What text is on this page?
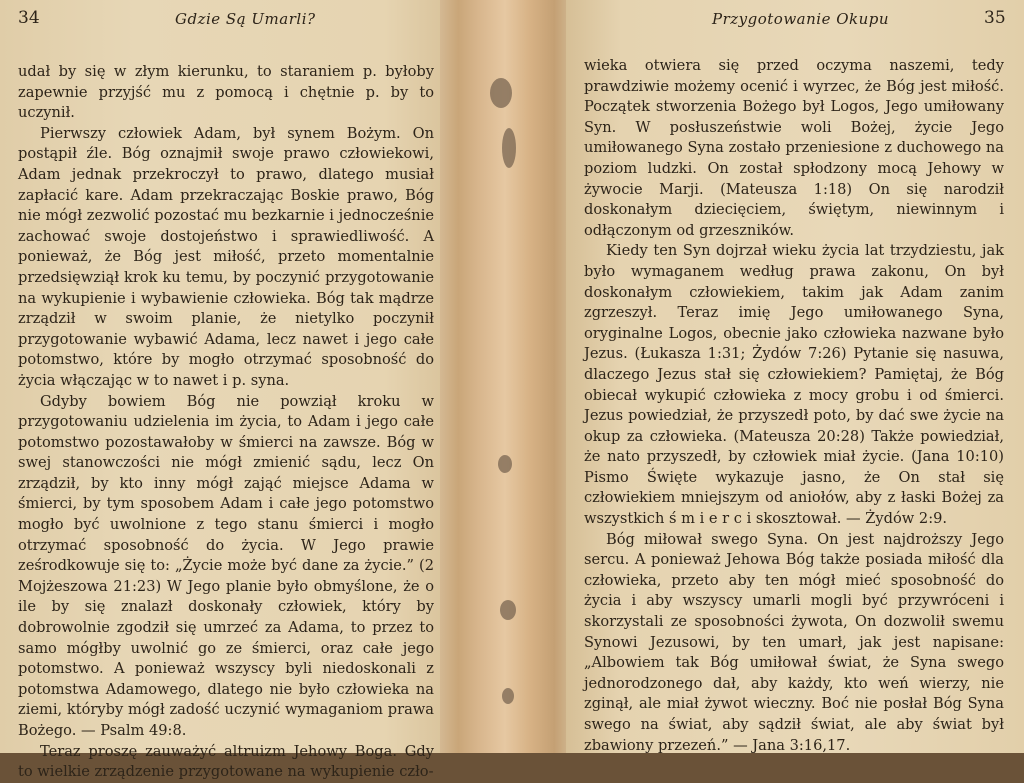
34	Gdzie Są Umarli?

udał by się w złym kierunku, to staraniem p. byłoby zapewnie przyjść mu z pomocą i chętnie p. by to uczynił.

Pierwszy człowiek Adam, był synem Bożym. On postąpił źle. Bóg oznajmił swoje prawo człowiekowi, Adam jednak przekroczył to prawo, dlatego musiał zapłacić kare. Adam przekraczając Boskie prawo, Bóg nie mógł zezwolić pozostać mu bezkarnie i jednocześnie zachować swoje dostojeństwo i sprawiedliwość. A ponieważ, że Bóg jest miłość, przeto momentalnie przedsięwziął krok ku temu, by poczynić przygotowanie na wykupienie i wybawienie człowieka. Bóg tak mądrze zrządził w swoim planie, że nietylko poczynił przygotowanie wybawić Adama, lecz nawet i jego całe potomstwo, które by mogło otrzymać sposobność do życia włączając w to nawet i p. syna.

Gdyby bowiem Bóg nie powziął kroku w przygotowaniu udzielenia im życia, to Adam i jego całe potomstwo pozostawałoby w śmierci na zawsze. Bóg w swej stanowczości nie mógł zmienić sądu, lecz On zrządził, by kto inny mógł zająć miejsce Adama w śmierci, by tym sposobem Adam i całe jego potomstwo mogło być uwolnione z tego stanu śmierci i mogło otrzymać sposobność do życia. W Jego prawie ześrodkowuje się to: „Życie może być dane za życie.” (2 Mojżeszowa 21:23) W Jego planie było obmyślone, że o ile by się znalazł doskonały człowiek, który by dobrowolnie zgodził się umrzeć za Adama, to przez to samo mógłby uwolnić go ze śmierci, oraz całe jego potomstwo. A ponieważ wszyscy byli niedoskonali z potomstwa Adamowego, dlatego nie było człowieka na ziemi, któryby mógł zadość uczynić wymaganiom prawa Bożego. — Psalm 49:8.

Teraz proszę zauważyć altruizm Jehowy Boga. Gdy to wielkie zrządzenie przygotowane na wykupienie czło-

Przygotowanie Okupu	35

wieka otwiera się przed oczyma naszemi, tedy prawdziwie możemy ocenić i wyrzec, że Bóg jest miłość. Początek stworzenia Bożego był Logos, Jego umiłowany Syn. W posłuszeństwie woli Bożej, życie Jego umiłowanego Syna zostało przeniesione z duchowego na poziom ludzki. On został spłodzony mocą Jehowy w żywocie Marji. (Mateusza 1:18) On się narodził doskonałym dziecięciem, świętym, niewinnym i odłączonym od grzeszników.

Kiedy ten Syn dojrzał wieku życia lat trzydziestu, jak było wymaganem według prawa zakonu, On był doskonałym człowiekiem, takim jak Adam zanim zgrzeszył. Teraz imię Jego umiłowanego Syna, oryginalne Logos, obecnie jako człowieka nazwane było Jezus. (Łukasza 1:31; Żydów 7:26) Pytanie się nasuwa, dlaczego Jezus stał się człowiekiem? Pamiętaj, że Bóg obiecał wykupić człowieka z mocy grobu i od śmierci. Jezus powiedział, że przyszedł poto, by dać swe życie na okup za człowieka. (Mateusza 20:28) Także powiedział, że nato przyszedł, by człowiek miał życie. (Jana 10:10) Pismo Święte wykazuje jasno, że On stał się człowiekiem mniejszym od aniołów, aby z łaski Bożej za wszystkich ś m i e r c i skosztował. — Żydów 2:9.

Bóg miłował swego Syna. On jest najdroższy Jego sercu. A ponieważ Jehowa Bóg także posiada miłość dla człowieka, przeto aby ten mógł mieć sposobność do życia i aby wszyscy umarli mogli być przywróceni i skorzystali ze sposobności żywota, On dozwolił swemu Synowi Jezusowi, by ten umarł, jak jest napisane: „Albowiem tak Bóg umiłował świat, że Syna swego jednorodzonego dał, aby każdy, kto weń wierzy, nie zginął, ale miał żywot wieczny. Boć nie posłał Bóg Syna swego na świat, aby sądził świat, ale aby świat był zbawiony przezeń.” — Jana 3:16,17.
